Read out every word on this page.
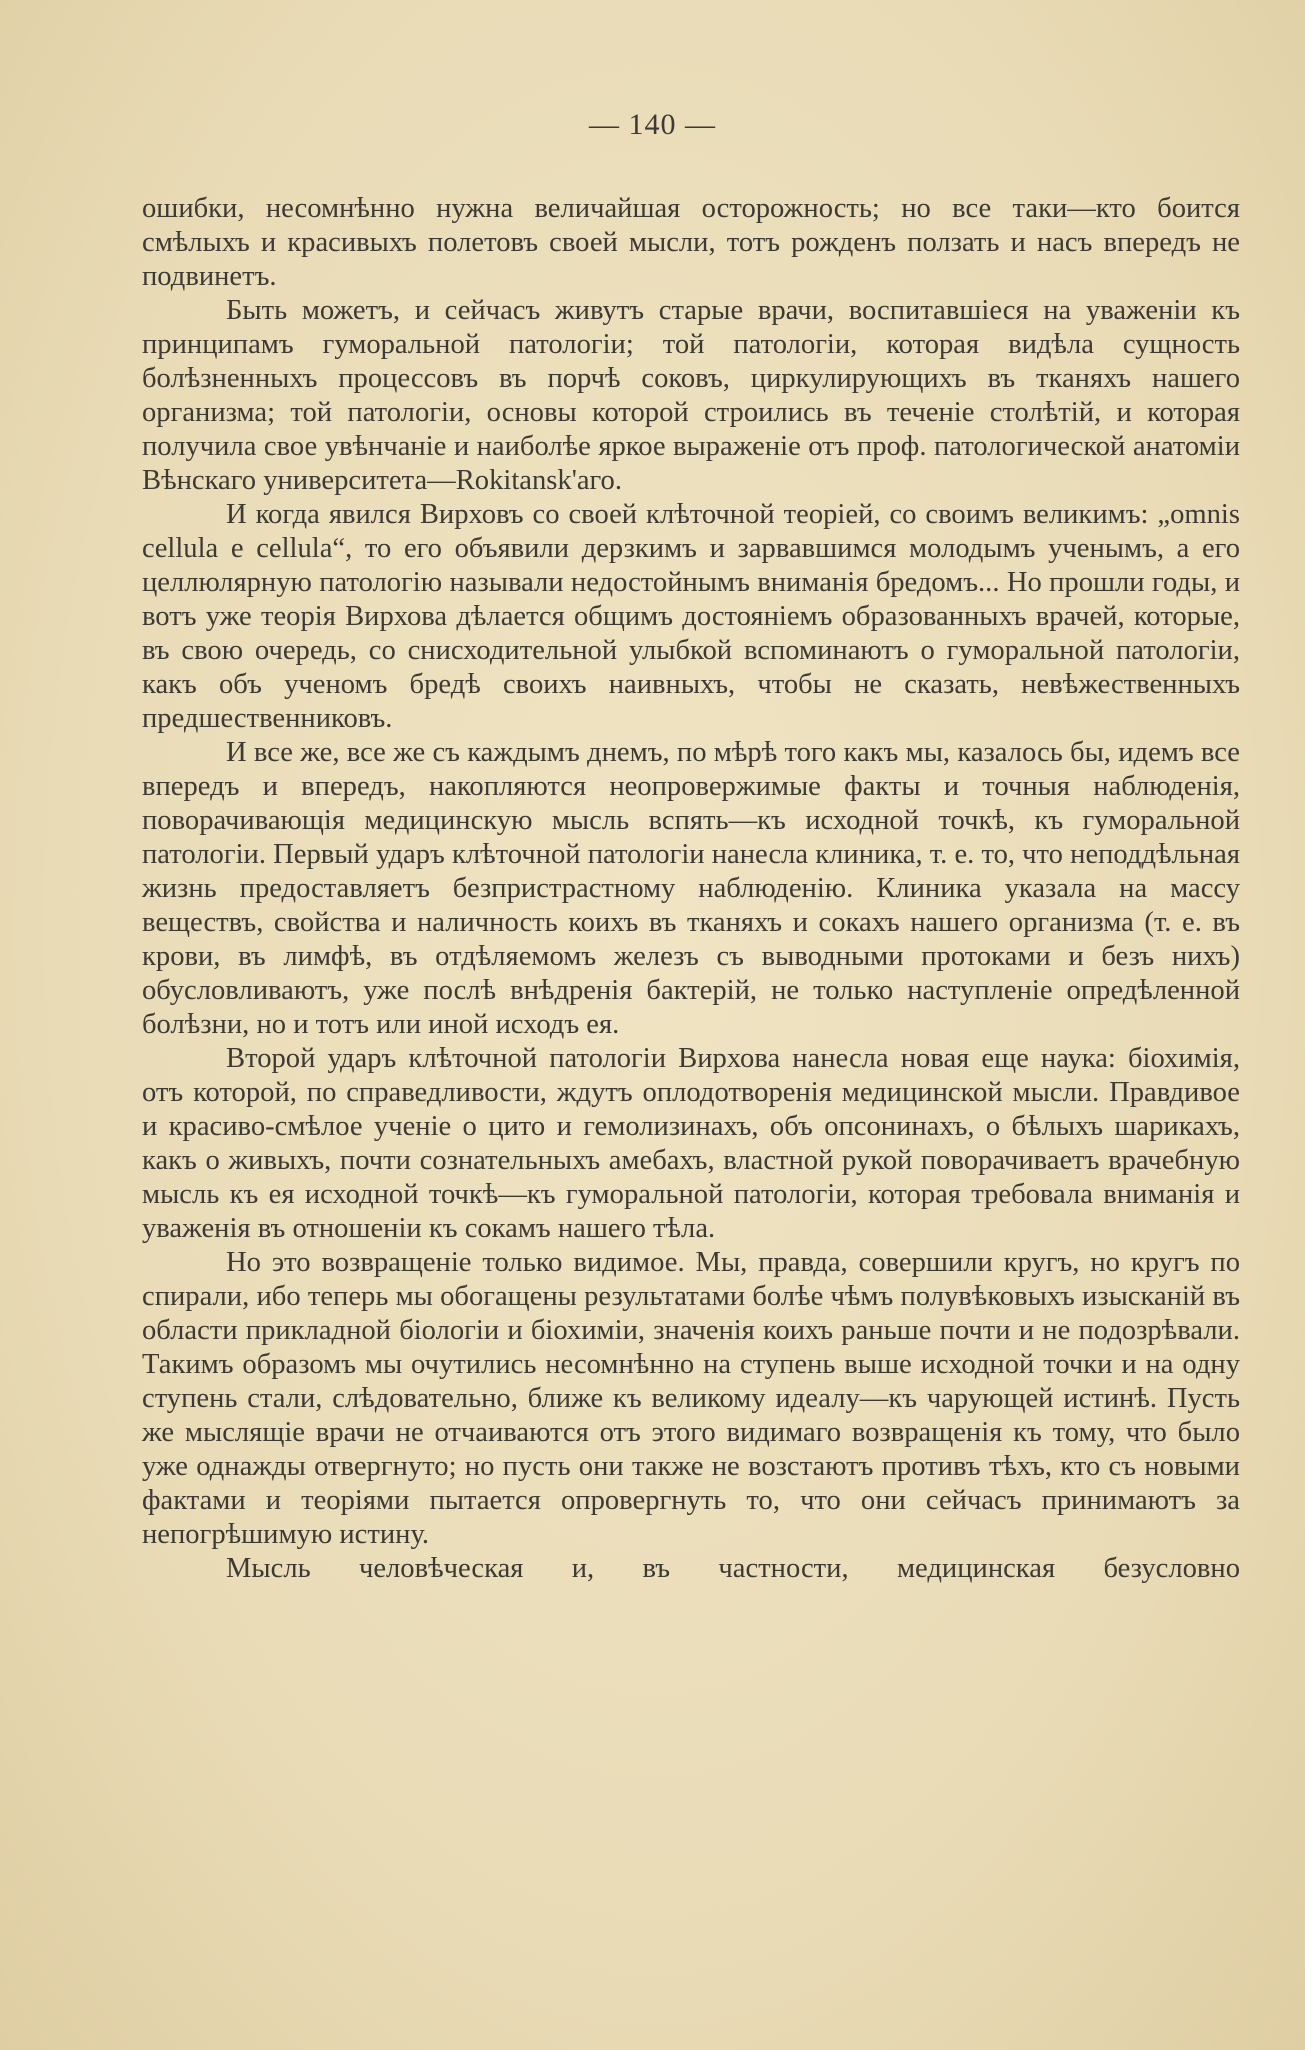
— 140 —

ошибки, несомнѣнно нужна величайшая осторожность; но все таки—кто боится смѣлыхъ и красивыхъ полетовъ своей мысли, тотъ рожденъ ползать и насъ впередъ не подвинетъ.

Быть можетъ, и сейчасъ живутъ старые врачи, воспитавшіеся на уваженіи къ принципамъ гуморальной патологіи; той патологіи, которая видѣла сущность болѣзненныхъ процессовъ въ порчѣ соковъ, циркулирующихъ въ тканяхъ нашего организма; той патологіи, основы которой строились въ теченіе столѣтій, и которая получила свое увѣнчаніе и наиболѣе яркое выраженіе отъ проф. патологической анатоміи Вѣнскаго университета—Rokitansk'аго.

И когда явился Вирховъ со своей клѣточной теоріей, со своимъ великимъ: „omnis cellula e cellula“, то его объявили дерзкимъ и зарвавшимся молодымъ ученымъ, а его целлюлярную патологію называли недостойнымъ вниманія бредомъ... Но прошли годы, и вотъ уже теорія Вирхова дѣлается общимъ достояніемъ образованныхъ врачей, которые, въ свою очередь, со снисходительной улыбкой вспоминаютъ о гуморальной патологіи, какъ объ ученомъ бредѣ своихъ наивныхъ, чтобы не сказать, невѣжественныхъ предшественниковъ.

И все же, все же съ каждымъ днемъ, по мѣрѣ того какъ мы, казалось бы, идемъ все впередъ и впередъ, накопляются неопровержимые факты и точныя наблюденія, поворачивающія медицинскую мысль вспять—къ исходной точкѣ, къ гуморальной патологіи. Первый ударъ клѣточной патологіи нанесла клиника, т. е. то, что неподдѣльная жизнь предоставляетъ безпристрастному наблюденію. Клиника указала на массу веществъ, свойства и наличность коихъ въ тканяхъ и сокахъ нашего организма (т. е. въ крови, въ лимфѣ, въ отдѣляемомъ железъ съ выводными протоками и безъ нихъ) обусловливаютъ, уже послѣ внѣдренія бактерій, не только наступленіе опредѣленной болѣзни, но и тотъ или иной исходъ ея.

Второй ударъ клѣточной патологіи Вирхова нанесла новая еще наука: біохимія, отъ которой, по справедливости, ждутъ оплодотворенія медицинской мысли. Правдивое и красиво-смѣлое ученіе о цито и гемолизинахъ, объ опсонинахъ, о бѣлыхъ шарикахъ, какъ о живыхъ, почти сознательныхъ амебахъ, властной рукой поворачиваетъ врачебную мысль къ ея исходной точкѣ—къ гуморальной патологіи, которая требовала вниманія и уваженія въ отношеніи къ сокамъ нашего тѣла.

Но это возвращеніе только видимое. Мы, правда, совершили кругъ, но кругъ по спирали, ибо теперь мы обогащены результатами болѣе чѣмъ полувѣковыхъ изысканій въ области прикладной біологіи и біохиміи, значенія коихъ раньше почти и не подозрѣвали. Такимъ образомъ мы очутились несомнѣнно на ступень выше исходной точки и на одну ступень стали, слѣдовательно, ближе къ великому идеалу—къ чарующей истинѣ. Пусть же мыслящіе врачи не отчаиваются отъ этого видимаго возвращенія къ тому, что было уже однажды отвергнуто; но пусть они также не возстаютъ противъ тѣхъ, кто съ новыми фактами и теоріями пытается опровергнуть то, что они сейчасъ принимаютъ за непогрѣшимую истину.

Мысль человѣческая и, въ частности, медицинская безусловно
